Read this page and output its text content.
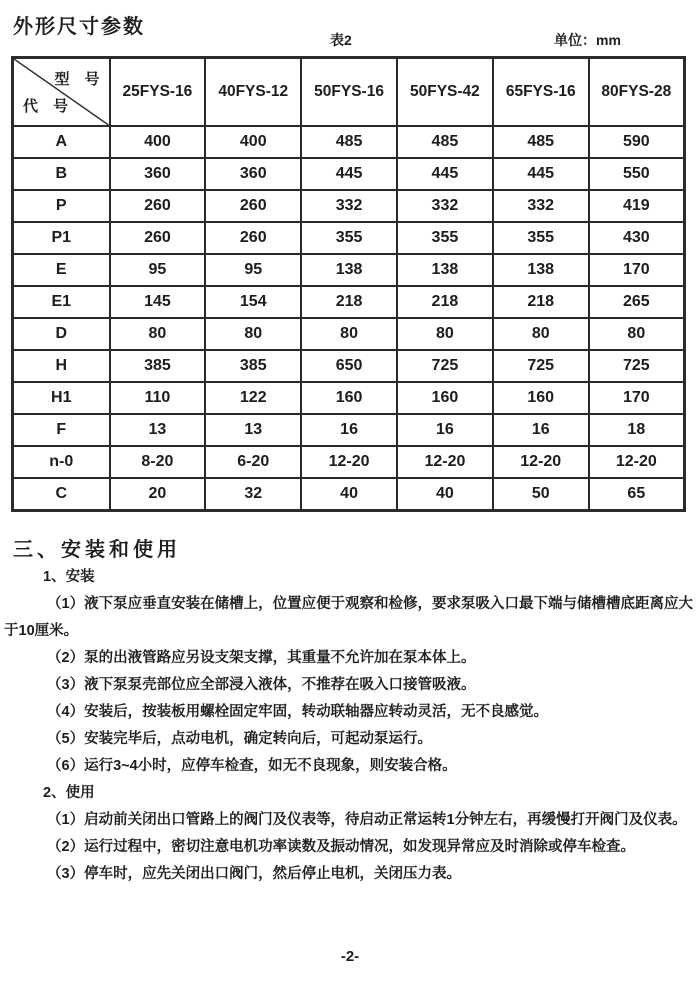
外形尺寸参数
表2	单位：mm
型　号
代　号	25FYS-16	40FYS-12	50FYS-16	50FYS-42	65FYS-16	80FYS-28
A	400	400	485	485	485	590
B	360	360	445	445	445	550
P	260	260	332	332	332	419
P1	260	260	355	355	355	430
E	95	95	138	138	138	170
E1	145	154	218	218	218	265
D	80	80	80	80	80	80
H	385	385	650	725	725	725
H1	110	122	160	160	160	170
F	13	13	16	16	16	18
n-0	8-20	6-20	12-20	12-20	12-20	12-20
C	20	32	40	40	50	65
三、安装和使用

1、安装

（1）液下泵应垂直安装在储槽上，位置应便于观察和检修，要求泵吸入口最下端与储槽槽底距离应大于10厘米。

（2）泵的出液管路应另设支架支撑，其重量不允许加在泵本体上。

（3）液下泵泵壳部位应全部浸入液体，不推荐在吸入口接管吸液。

（4）安装后，按装板用螺栓固定牢固，转动联轴器应转动灵活，无不良感觉。

（5）安装完毕后，点动电机，确定转向后，可起动泵运行。

（6）运行3~4小时，应停车检查，如无不良现象，则安装合格。

2、使用

（1）启动前关闭出口管路上的阀门及仪表等，待启动正常运转1分钟左右，再缓慢打开阀门及仪表。

（2）运行过程中，密切注意电机功率读数及振动情况，如发现异常应及时消除或停车检查。

（3）停车时，应先关闭出口阀门，然后停止电机，关闭压力表。

-2-
